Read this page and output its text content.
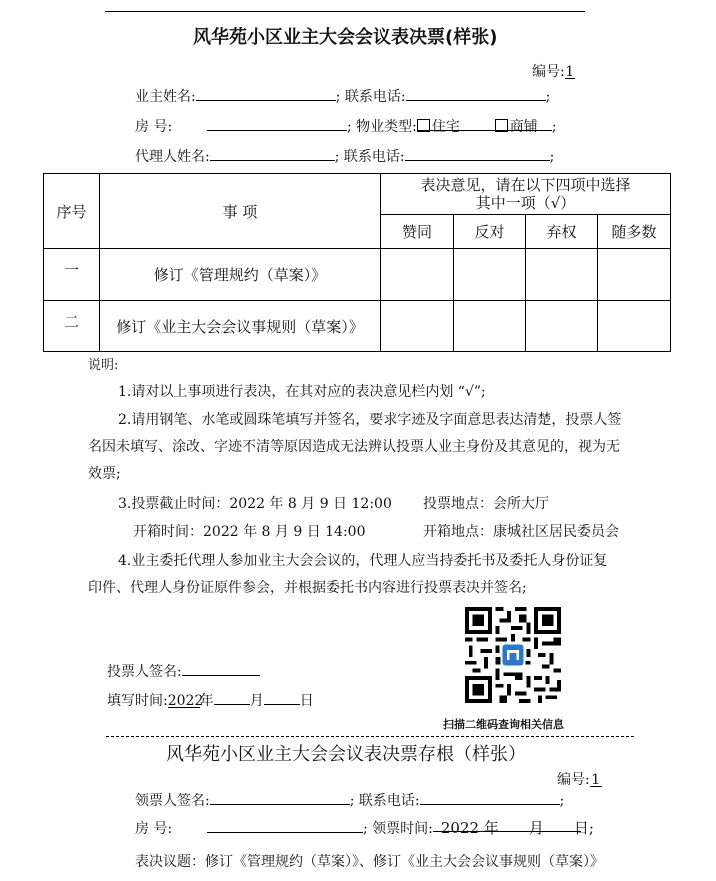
风华苑小区业主大会会议表决票(样张)
编号:1
业主姓名:	; 联系电话:	;
房 号:	; 物业类型: 住宅	商铺 ;
代理人姓名:	; 联系电话:	;
序号	事 项	表决意见，请在以下四项中选择
其中一项（√）			

		赞同	反对	弃权	随多数
一	修订《管理规约（草案）》				
二	修订《业主大会会议事规则（草案）》				
说明:
1.请对以上事项进行表决，在其对应的表决意见栏内划 “√”;
2.请用钢笔、水笔或圆珠笔填写并签名，要求字迹及字面意思表达清楚，投票人签
名因未填写、涂改、字迹不清等原因造成无法辨认投票人业主身份及其意见的，视为无
效票;
3.投票截止时间：2022 年 8 月 9 日 12:00 投票地点：会所大厅
开箱时间：2022 年 8 月 9 日 14:00	开箱地点：康城社区居民委员会
4.业主委托代理人参加业主大会会议的，代理人应当持委托书及委托人身份证复
印件、代理人身份证原件参会，并根据委托书内容进行投票表决并签名;
投票人签名:
填写时间:2022年	月	日
扫描二维码查询相关信息
风华苑小区业主大会会议表决票存根（样张）
编号: 1
领票人签名:	; 联系电话:	;
房 号:	; 领票时间: 2022 年 月 日;
表决议题：修订《管理规约（草案）》、修订《业主大会会议事规则（草案）》
